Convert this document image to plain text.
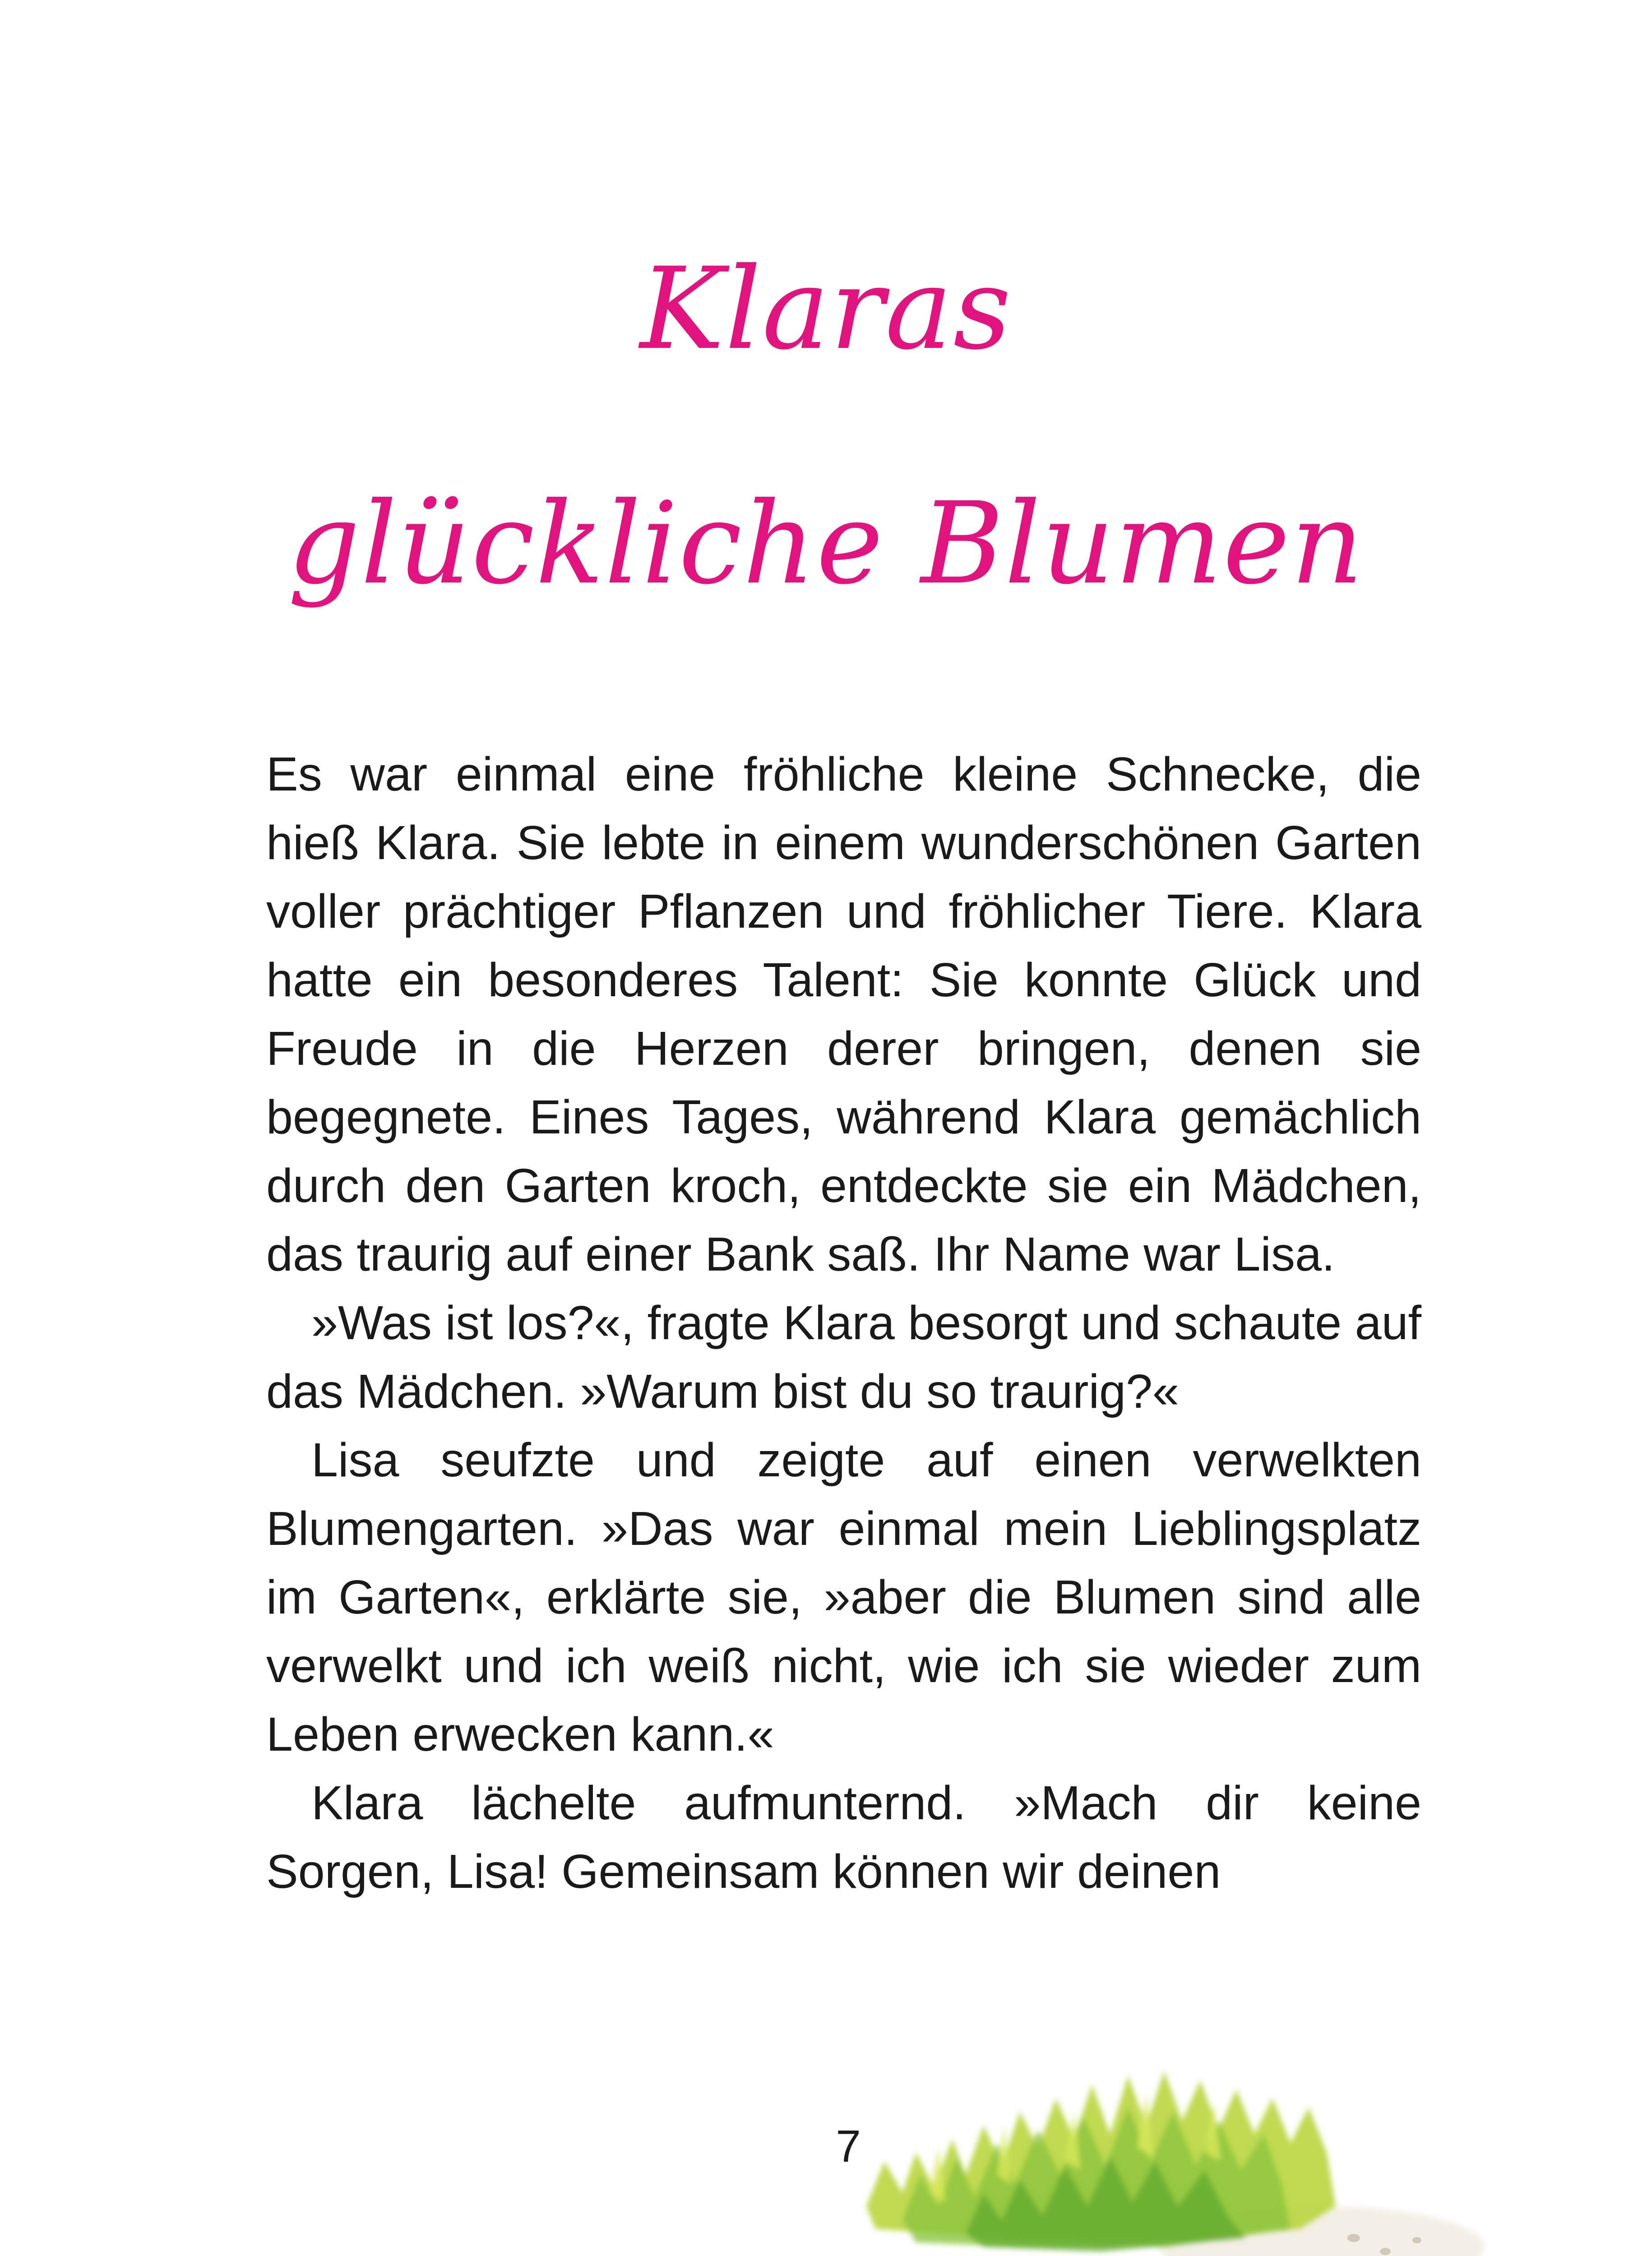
Klaras
glückliche Blumen

Es war einmal eine fröhliche kleine Schnecke, die hieß Klara. Sie lebte in einem wunderschönen Garten voller prächtiger Pflanzen und fröhlicher Tiere. Klara hatte ein besonderes Talent: Sie konnte Glück und Freude in die Herzen derer bringen, denen sie begegnete. Eines Tages, während Klara gemächlich durch den Garten kroch, entdeckte sie ein Mädchen, das traurig auf einer Bank saß. Ihr Name war Lisa.

»Was ist los?«, fragte Klara besorgt und schaute auf das Mädchen. »Warum bist du so traurig?«

Lisa seufzte und zeigte auf einen verwelkten Blumengarten. »Das war einmal mein Lieblingsplatz im Garten«, erklärte sie, »aber die Blumen sind alle verwelkt und ich weiß nicht, wie ich sie wieder zum Leben erwecken kann.«

Klara lächelte aufmunternd. »Mach dir keine Sorgen, Lisa! Gemeinsam können wir deinen

7
